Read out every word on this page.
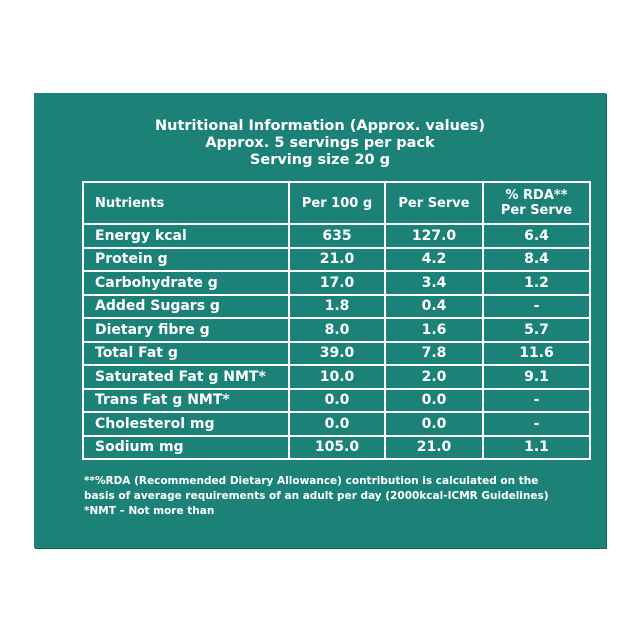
Nutritional Information (Approx. values)
Approx. 5 servings per pack
Serving size 20 g
Nutrients	Per 100 g	Per Serve	% RDA**
Per Serve
Energy kcal	635	127.0	6.4
Protein g	21.0	4.2	8.4
Carbohydrate g	17.0	3.4	1.2
Added Sugars g	1.8	0.4	-
Dietary fibre g	8.0	1.6	5.7
Total Fat g	39.0	7.8	11.6
Saturated Fat g NMT*	10.0	2.0	9.1
Trans Fat g NMT*	0.0	0.0	-
Cholesterol mg	0.0	0.0	-
Sodium mg	105.0	21.0	1.1
**%RDA (Recommended Dietary Allowance) contribution is calculated on the
basis of average requirements of an adult per day (2000kcal-ICMR Guidelines)
*NMT – Not more than
